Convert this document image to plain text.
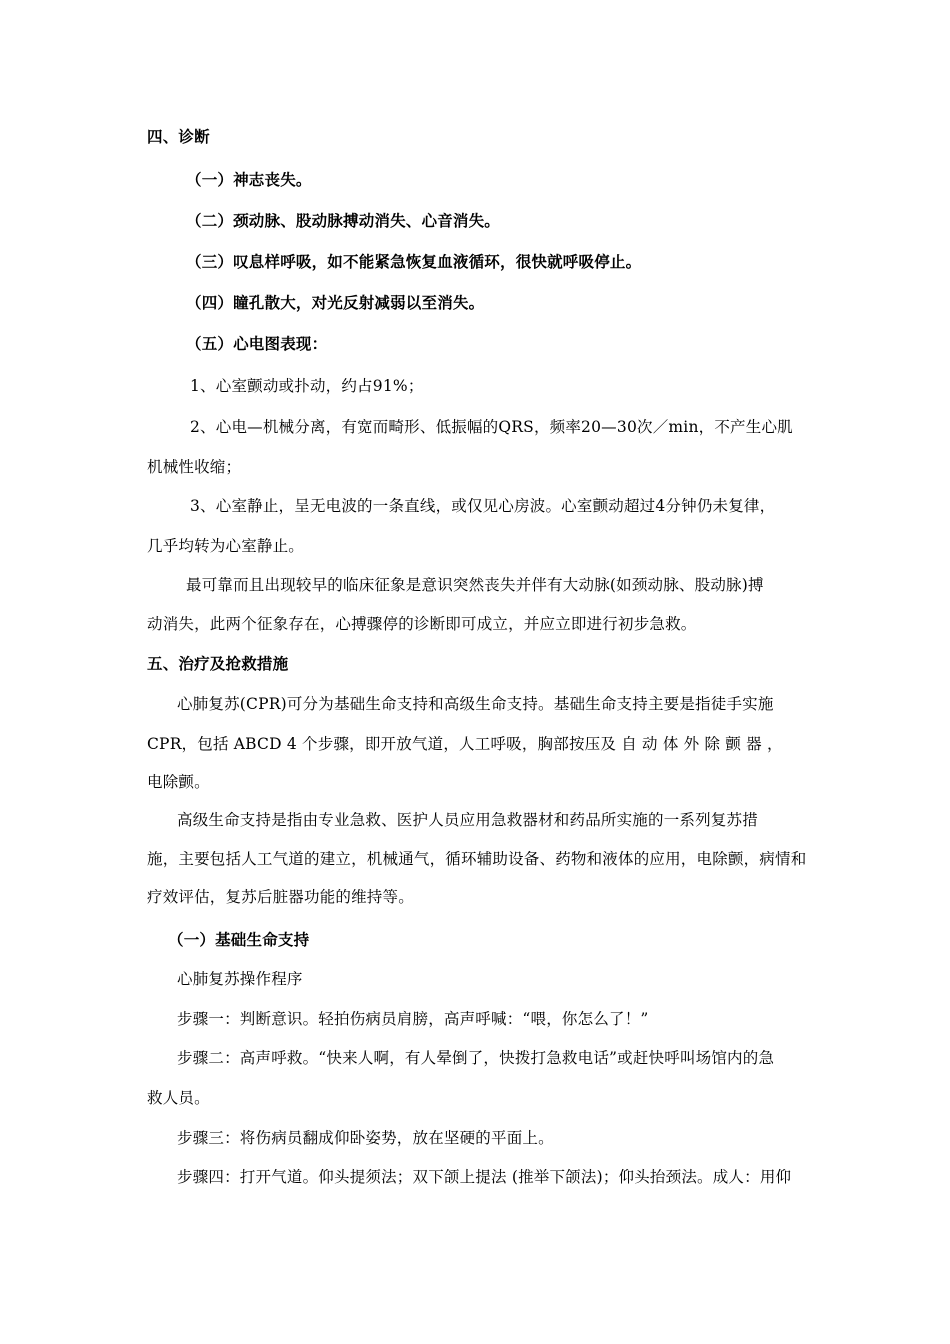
四、诊断

（一）神志丧失。

（二）颈动脉、股动脉搏动消失、心音消失。

（三）叹息样呼吸，如不能紧急恢复血液循环，很快就呼吸停止。

（四）瞳孔散大，对光反射减弱以至消失。

（五）心电图表现：

1、心室颤动或扑动，约占91%；

2、心电—机械分离，有宽而畸形、低振幅的QRS，频率20—30次／min，不产生心肌

机械性收缩；

3、心室静止，呈无电波的一条直线，或仅见心房波。心室颤动超过4分钟仍未复律，

几乎均转为心室静止。

最可靠而且出现较早的临床征象是意识突然丧失并伴有大动脉(如颈动脉、股动脉)搏

动消失，此两个征象存在，心搏骤停的诊断即可成立，并应立即进行初步急救。

五、治疗及抢救措施

心肺复苏(CPR)可分为基础生命支持和高级生命支持。基础生命支持主要是指徒手实施

CPR，包括 ABCD 4 个步骤，即开放气道，人工呼吸，胸部按压及 自 动 体 外 除 颤 器 ，

电除颤。

高级生命支持是指由专业急救、医护人员应用急救器材和药品所实施的一系列复苏措

施，主要包括人工气道的建立，机械通气，循环辅助设备、药物和液体的应用，电除颤，病情和

疗效评估，复苏后脏器功能的维持等。

（一）基础生命支持

心肺复苏操作程序

步骤一：判断意识。轻拍伤病员肩膀，高声呼喊：“喂，你怎么了！”

步骤二：高声呼救。“快来人啊，有人晕倒了，快拨打急救电话”或赶快呼叫场馆内的急

救人员。

步骤三：将伤病员翻成仰卧姿势，放在坚硬的平面上。

步骤四：打开气道。仰头提须法；双下颌上提法 (推举下颌法)；仰头抬颈法。成人：用仰
